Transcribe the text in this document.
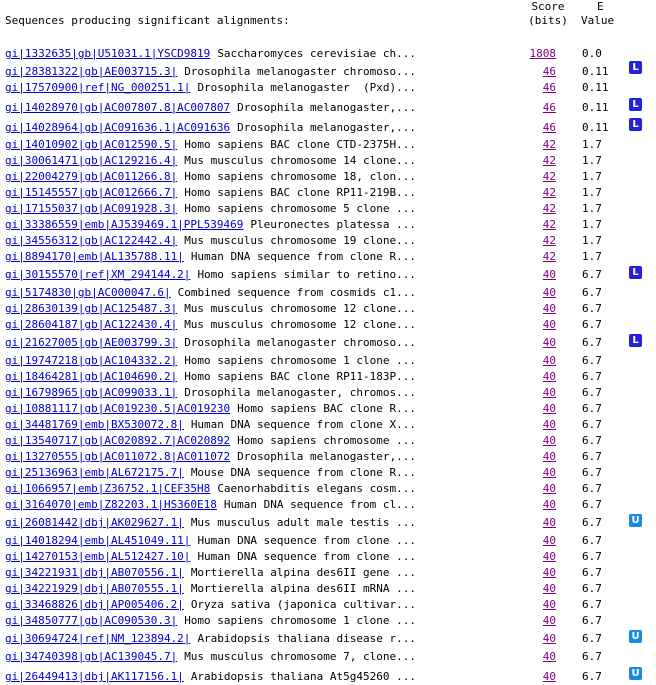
Sequences producing significant alignments:
Score
(bits)
E
Value
gi|1332635|gb|U51031.1|YSCD9819 Saccharomyces cerevisiae ch...	1808 0.0
gi|28381322|gb|AE003715.3| Drosophila melanogaster chromoso...	46 0.11	L
gi|17570900|ref|NG_000251.1| Drosophila melanogaster  (Pxd)...	46 0.11
gi|14028970|gb|AC007807.8|AC007807 Drosophila melanogaster,...	46 0.11	L
gi|14028964|gb|AC091636.1|AC091636 Drosophila melanogaster,...	46 0.11	L
gi|14010902|gb|AC012590.5| Homo sapiens BAC clone CTD-2375H...	42 1.7
gi|30061471|gb|AC129216.4| Mus musculus chromosome 14 clone...	42 1.7
gi|22004279|gb|AC011266.8| Homo sapiens chromosome 18, clon...	42 1.7
gi|15145557|gb|AC012666.7| Homo sapiens BAC clone RP11-219B...	42 1.7
gi|17155037|gb|AC091928.3| Homo sapiens chromosome 5 clone ...	42 1.7
gi|33386559|emb|AJ539469.1|PPL539469 Pleuronectes platessa ...	42 1.7
gi|34556312|gb|AC122442.4| Mus musculus chromosome 19 clone...	42 1.7
gi|8894170|emb|AL135788.11| Human DNA sequence from clone R...	42 1.7
gi|30155570|ref|XM_294144.2| Homo sapiens similar to retino...	40 6.7	L
gi|5174830|gb|AC000047.6| Combined sequence from cosmids c1...	40 6.7
gi|28630139|gb|AC125487.3| Mus musculus chromosome 12 clone...	40 6.7
gi|28604187|gb|AC122430.4| Mus musculus chromosome 12 clone...	40 6.7
gi|21627005|gb|AE003799.3| Drosophila melanogaster chromoso...	40 6.7	L
gi|19747218|gb|AC104332.2| Homo sapiens chromosome 1 clone ...	40 6.7
gi|18464281|gb|AC104690.2| Homo sapiens BAC clone RP11-183P...	40 6.7
gi|16798965|gb|AC099033.1| Drosophila melanogaster, chromos...	40 6.7
gi|10881117|gb|AC019230.5|AC019230 Homo sapiens BAC clone R...	40 6.7
gi|34481769|emb|BX530072.8| Human DNA sequence from clone X...	40 6.7
gi|13540717|gb|AC020892.7|AC020892 Homo sapiens chromosome ...	40 6.7
gi|13270555|gb|AC011072.8|AC011072 Drosophila melanogaster,...	40 6.7
gi|25136963|emb|AL672175.7| Mouse DNA sequence from clone R...	40 6.7
gi|1066957|emb|Z36752.1|CEF35H8 Caenorhabditis elegans cosm...	40 6.7
gi|3164070|emb|Z82203.1|HS360E18 Human DNA sequence from cl...	40 6.7
gi|26081442|dbj|AK029627.1| Mus musculus adult male testis ...	40 6.7	U
gi|14018294|emb|AL451049.11| Human DNA sequence from clone ...	40 6.7
gi|14270153|emb|AL512427.10| Human DNA sequence from clone ...	40 6.7
gi|34221931|dbj|AB070556.1| Mortierella alpina des6II gene ...	40 6.7
gi|34221929|dbj|AB070555.1| Mortierella alpina des6II mRNA ...	40 6.7
gi|33468826|dbj|AP005406.2| Oryza sativa (japonica cultivar...	40 6.7
gi|34850777|gb|AC090530.3| Homo sapiens chromosome 1 clone ...	40 6.7
gi|30694724|ref|NM_123894.2| Arabidopsis thaliana disease r...	40 6.7	U
gi|34740398|gb|AC139045.7| Mus musculus chromosome 7, clone...	40 6.7
gi|26449413|dbj|AK117156.1| Arabidopsis thaliana At5g45260 ...	40 6.7	U
